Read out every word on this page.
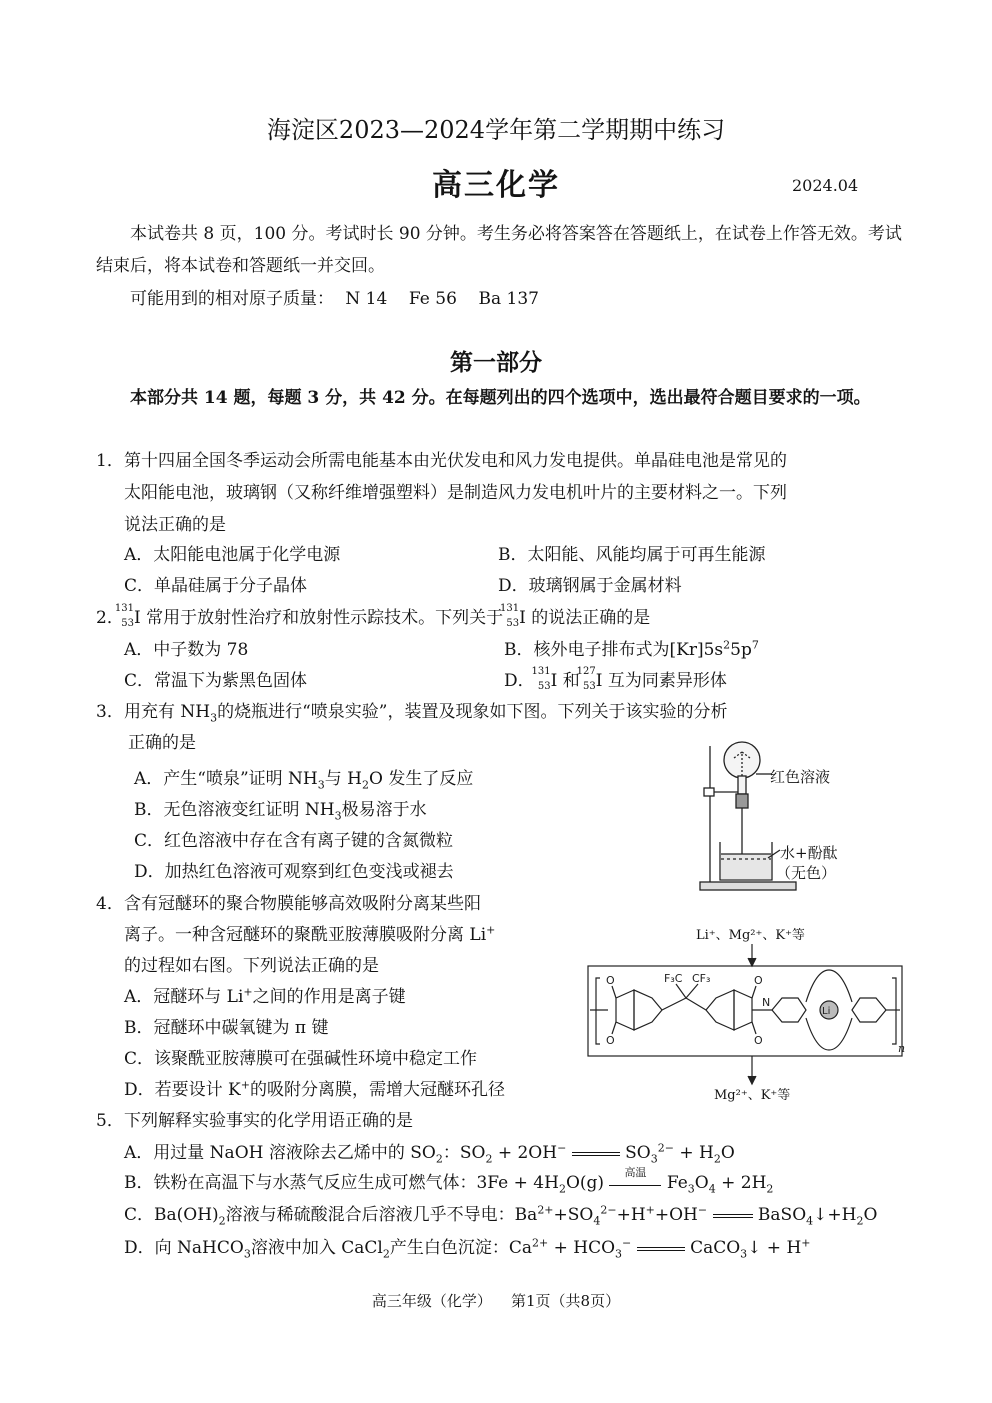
海淀区2023—2024学年第二学期期中练习
高三化学	2024.04
本试卷共 8 页，100 分。考试时长 90 分钟。考生务必将答案答在答题纸上，在试卷上作答无效。考试结束后，将本试卷和答题纸一并交回。
可能用到的相对原子质量： N 14    Fe 56    Ba 137
第一部分
本部分共 14 题，每题 3 分，共 42 分。在每题列出的四个选项中，选出最符合题目要求的一项。
1． 第十四届全国冬季运动会所需电能基本由光伏发电和风力发电提供。单晶硅电池是常见的
太阳能电池，玻璃钢（又称纤维增强塑料）是制造风力发电机叶片的主要材料之一。下列
说法正确的是
A．太阳能电池属于化学电源	B．太阳能、风能均属于可再生能源
C．单晶硅属于分子晶体	D．玻璃钢属于金属材料
2．
131
53 I 常用于放射性治疗和放射性示踪技术。下列关于
131
53 I 的说法正确的是
A．中子数为 78	B．核外电子排布式为$[Kr]5s^25p^7$
C．常温下为紫黑色固体	D．
131
53 I 和
127
53 I 互为同素异形体
3． 用充有 $NH_3$的烧瓶进行“喷泉实验”，装置及现象如下图。下列关于该实验的分析
正确的是
A．产生“喷泉”证明 $NH_3$与 $H_2O$ 发生了反应
B．无色溶液变红证明 $NH_3$极易溶于水
C．红色溶液中存在含有离子键的含氮微粒
D．加热红色溶液可观察到红色变浅或褪去
红色溶液
水+酚酞
（无色）
4． 含有冠醚环的聚合物膜能够高效吸附分离某些阳
离子。一种含冠醚环的聚酰亚胺薄膜吸附分离 Li+
的过程如右图。下列说法正确的是
A．冠醚环与 Li+之间的作用是离子键
B．冠醚环中碳氧键为 π 键
C．该聚酰亚胺薄膜可在强碱性环境中稳定工作
D．若要设计 K+的吸附分离膜，需增大冠醚环孔径
Li⁺、Mg²⁺、K⁺等
O
O
F₃C CF₃	O
O
N
Li
n
Mg²⁺、K⁺等
5． 下列解释实验事实的化学用语正确的是
A．用过量 NaOH 溶液除去乙烯中的 $SO_2$：$SO_2 + 2OH^-$	$SO_3^{2-} + H_2O$
B．铁粉在高温下与水蒸气反应生成可燃气体：$3Fe + 4H_2O(g)$
高温
$Fe_3O_4 + 2H_2$
C．$Ba(OH)_2$溶液与稀硫酸混合后溶液几乎不导电：$Ba^{2+}+SO_4^{2-}+H^++OH^-$	$BaSO_4↓+H_2O$
D．向 NaHCO$_3$溶液中加入 CaCl$_2$产生白色沉淀：$Ca^{2+} + HCO_3^-$	CaCO$_3$↓ + H+
高三年级（化学）    第1页（共8页）
